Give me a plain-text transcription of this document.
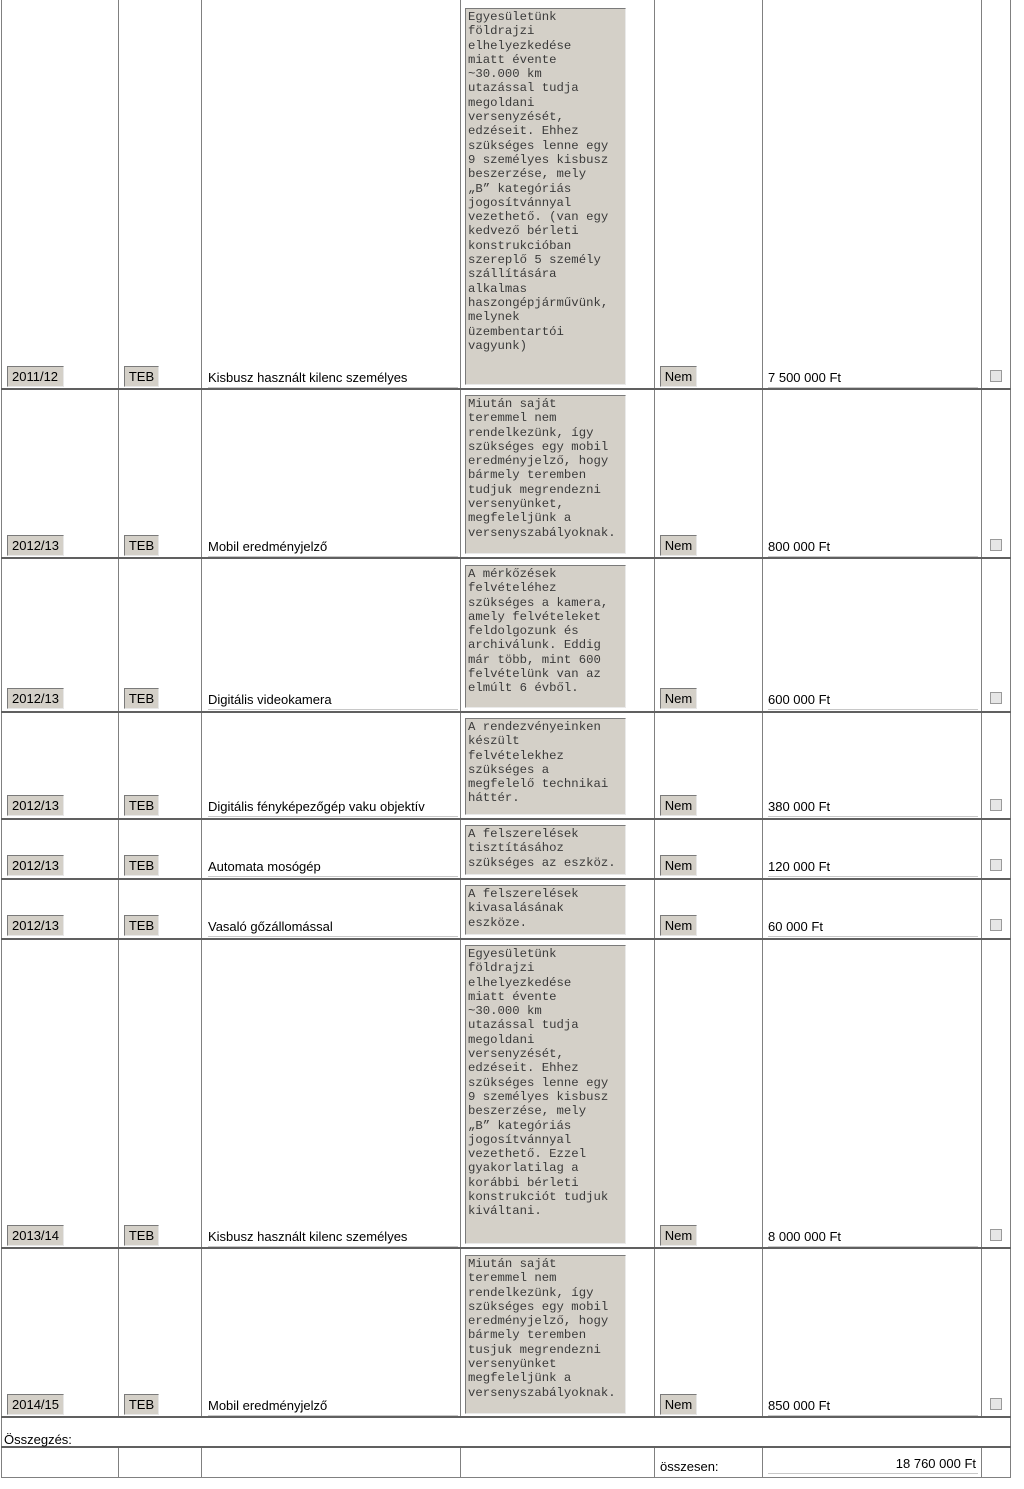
2011/12	TEB	Kisbusz használt kilenc személyes
Egyesületünk
földrajzi
elhelyezkedése
miatt évente
~30.000 km
utazással tudja
megoldani
versenyzését,
edzéseit. Ehhez
szükséges lenne egy
9 személyes kisbusz
beszerzése, mely
„B” kategóriás
jogosítvánnyal
vezethető. (van egy
kedvező bérleti
konstrukcióban
szereplő 5 személy
szállítására
alkalmas
haszongépjárművünk,
melynek
üzembentartói
vagyunk)
Nem	7 500 000 Ft
2012/13	TEB	Mobil eredményjelző
Miután saját
teremmel nem
rendelkezünk, így
szükséges egy mobil
eredményjelző, hogy
bármely teremben
tudjuk megrendezni
versenyünket,
megfeleljünk a
versenyszabályoknak.
Nem	800 000 Ft
2012/13	TEB	Digitális videokamera
A mérkőzések
felvételéhez
szükséges a kamera,
amely felvételeket
feldolgozunk és
archiválunk. Eddig
már több, mint 600
felvételünk van az
elmúlt 6 évből.
Nem	600 000 Ft
2012/13	TEB	Digitális fényképezőgép vaku objektív
A rendezvényeinken
készült
felvételekhez
szükséges a
megfelelő technikai
háttér.	Nem	380 000 Ft
2012/13	TEB	Automata mosógép
A felszerelések
tisztításához
szükséges az eszköz.	Nem	120 000 Ft
2012/13	TEB	Vasaló gőzállomással
A felszerelések
kivasalásának
eszköze.	Nem	60 000 Ft
2013/14	TEB	Kisbusz használt kilenc személyes
Egyesületünk
földrajzi
elhelyezkedése
miatt évente
~30.000 km
utazással tudja
megoldani
versenyzését,
edzéseit. Ehhez
szükséges lenne egy
9 személyes kisbusz
beszerzése, mely
„B” kategóriás
jogosítvánnyal
vezethető. Ezzel
gyakorlatilag a
korábbi bérleti
konstrukciót tudjuk
kiváltani.
Nem	8 000 000 Ft
2014/15	TEB	Mobil eredményjelző
Miután saját
teremmel nem
rendelkezünk, így
szükséges egy mobil
eredményjelző, hogy
bármely teremben
tusjuk megrendezni
versenyünket
megfeleljünk a
versenyszabályoknak.
Nem	850 000 Ft
Összegzés:
összesen:	18 760 000 Ft
